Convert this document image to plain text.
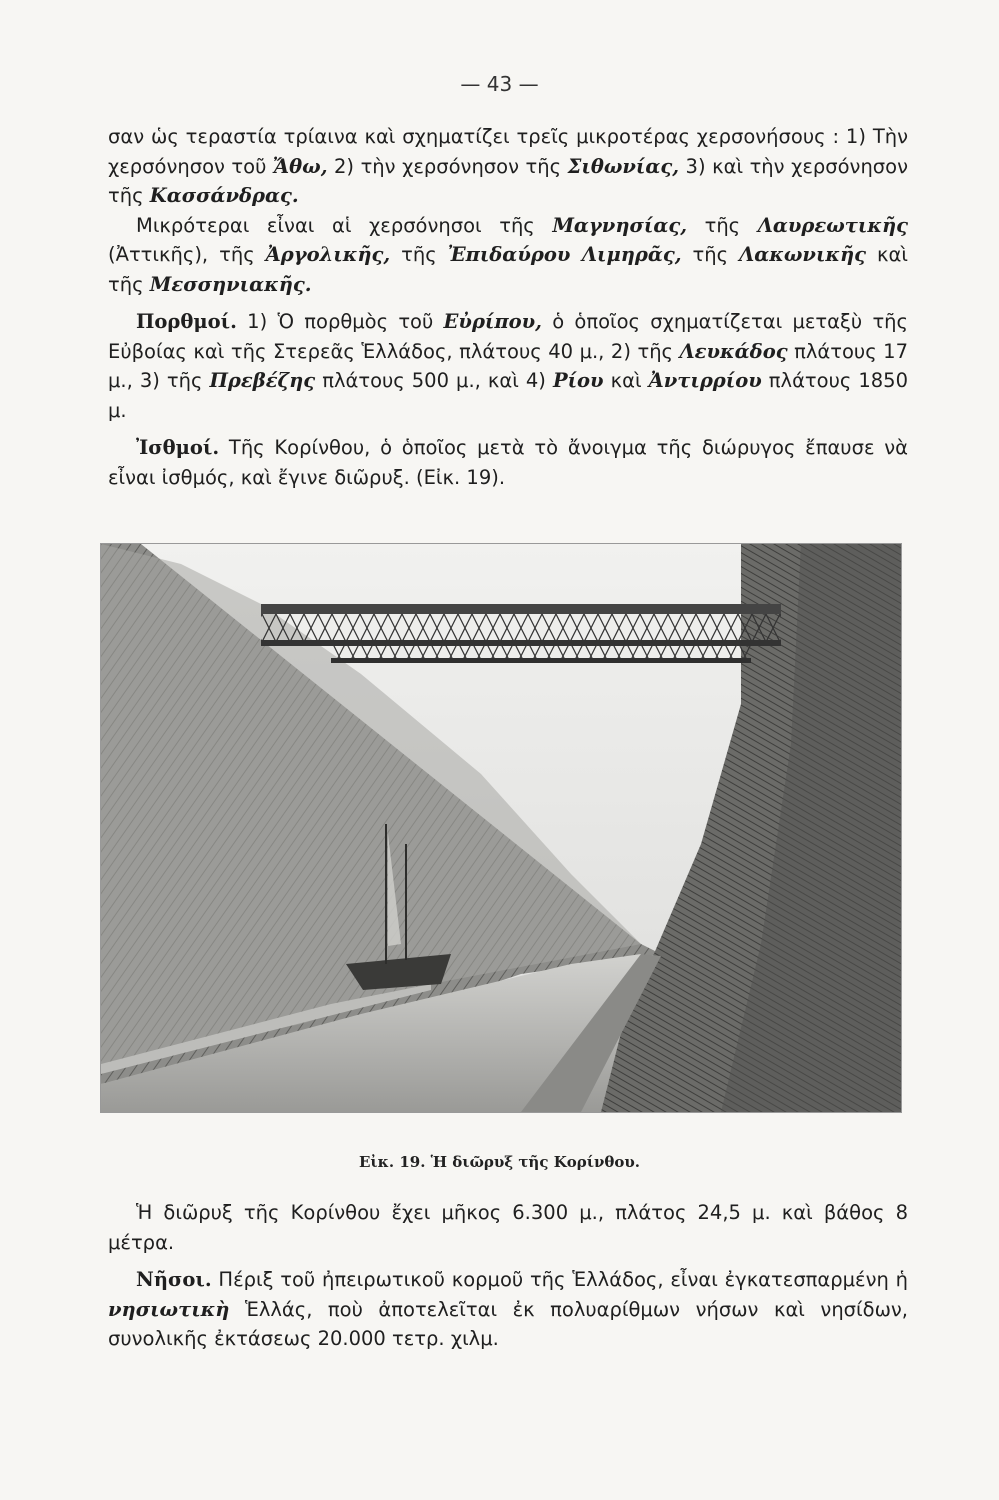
— 43 —

σαν ὡς τεραστία τρίαινα καὶ σχηματίζει τρεῖς μικροτέρας χερσονήσους : 1) Τὴν χερσόνησον τοῦ Ἄθω, 2) τὴν χερσόνησον τῆς Σιθωνίας, 3) καὶ τὴν χερσόνησον τῆς Κασσάνδρας.

Μικρότεραι εἶναι αἱ χερσόνησοι τῆς Μαγνησίας, τῆς Λαυρεωτικῆς (Ἀττικῆς), τῆς Ἀργολικῆς, τῆς Ἐπιδαύρου Λιμηρᾶς, τῆς Λακωνικῆς καὶ τῆς Μεσσηνιακῆς.

Πορθμοί. 1) Ὁ πορθμὸς τοῦ Εὐρίπου, ὁ ὁποῖος σχηματίζεται μεταξὺ τῆς Εὐβοίας καὶ τῆς Στερεᾶς Ἑλλάδος, πλάτους 40 μ., 2) τῆς Λευκάδος πλάτους 17 μ., 3) τῆς Πρεβέζης πλάτους 500 μ., καὶ 4) Ρίου καὶ Ἀντιρρίου πλάτους 1850 μ.

Ἰσθμοί. Τῆς Κορίνθου, ὁ ὁποῖος μετὰ τὸ ἄνοιγμα τῆς διώρυγος ἔπαυσε νὰ εἶναι ἰσθμός, καὶ ἔγινε διῶρυξ. (Εἰκ. 19).

Εἰκ. 19. Ἡ διῶρυξ τῆς Κορίνθου.

Ἡ διῶρυξ τῆς Κορίνθου ἔχει μῆκος 6.300 μ., πλάτος 24,5 μ. καὶ βάθος 8 μέτρα.

Νῆσοι. Πέριξ τοῦ ἠπειρωτικοῦ κορμοῦ τῆς Ἑλλάδος, εἶναι ἐγκατεσπαρμένη ἡ νησιωτικὴ Ἑλλάς, ποὺ ἀποτελεῖται ἐκ πολυαρίθμων νήσων καὶ νησίδων, συνολικῆς ἐκτάσεως 20.000 τετρ. χιλμ.
